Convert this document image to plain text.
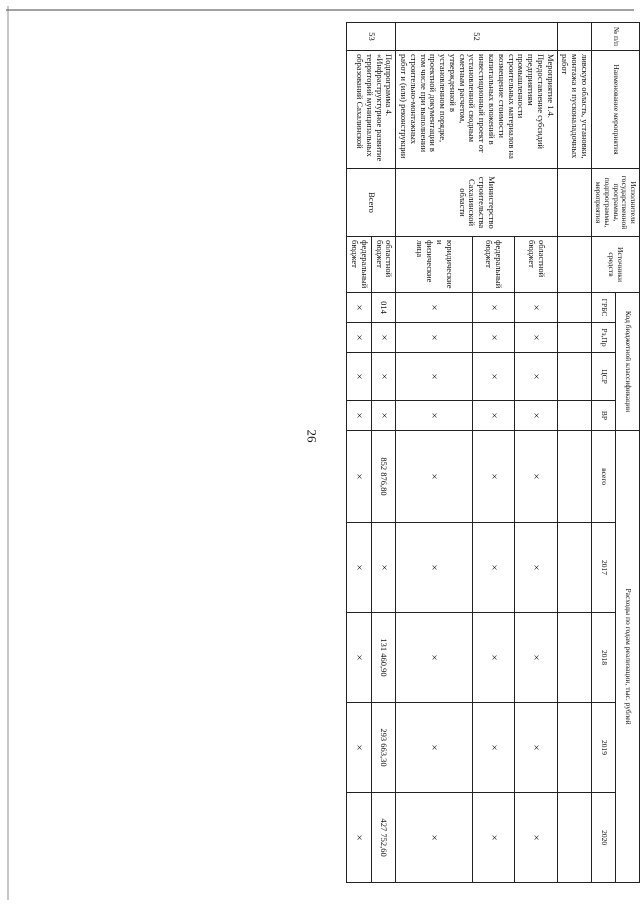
26
№ п/п	Наименование мероприятия	Исполнители государственной программы, подпрограммы, мероприятия	Источники средств	Код бюджетной классификации				Расходы по годам реализации, тыс. рублей				
				ГРБС	Рз,Пр	ЦСР	ВР	всего	2017	2018	2019	2020
	ливскую область, установки, монтажа и пусконаладочных работ											
52	Мероприятие 1.4. Предоставление субсидий предприятиям промышленности строительных материалов на возмещение стоимости капитальных вложений в инвестиционный проект от установленной сводным сметным расчетом, утвержденной в установленном порядке, проектной документации в том числе при выполнении строительно-монтажных работ и (или) реконструкции	Министерство строительства Сахалинской области	областной бюджет	×	×	×	×	×	×	×	×	×
			федеральный бюджет	×	×	×	×	×	×	×	×	×
			юридические и физические лица	×	×	×	×	×	×	×	×	×
53	Подпрограмма 4. «Инфраструктурное развитие территорий муниципальных образований Сахалинской	Всего	областной бюджет	014	×	×	×	852 876,80	×	131 460,90	293 663,30	427 752,60
			федеральный бюджет	×	×	×	×	×	×	×	×	×
